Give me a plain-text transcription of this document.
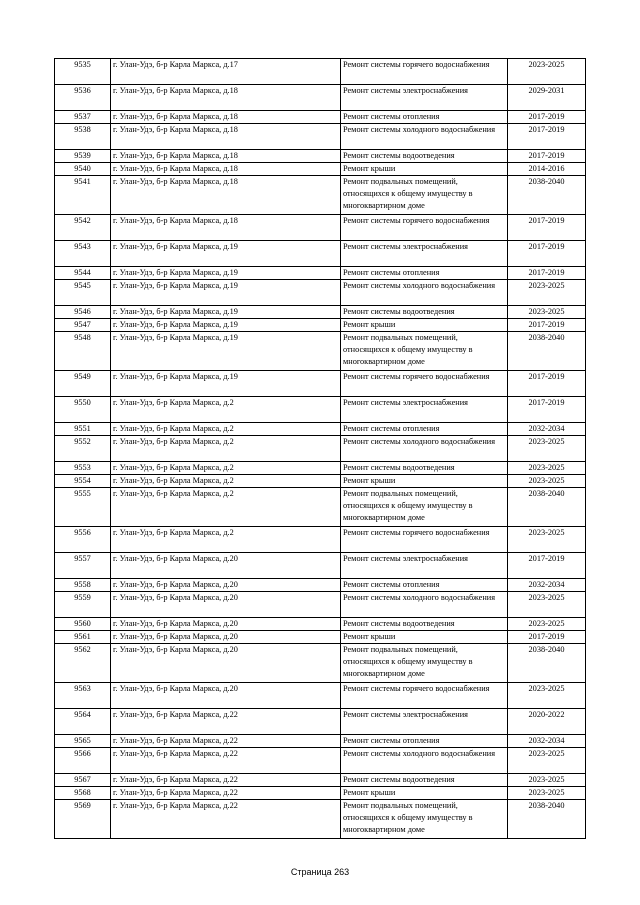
9535	г. Улан-Удэ, б-р Карла Маркса, д.17	Ремонт системы горячего водоснабжения	2023-2025
9536	г. Улан-Удэ, б-р Карла Маркса, д.18	Ремонт системы электроснабжения	2029-2031
9537	г. Улан-Удэ, б-р Карла Маркса, д.18	Ремонт системы отопления	2017-2019
9538	г. Улан-Удэ, б-р Карла Маркса, д.18	Ремонт системы холодного водоснабжения	2017-2019
9539	г. Улан-Удэ, б-р Карла Маркса, д.18	Ремонт системы водоотведения	2017-2019
9540	г. Улан-Удэ, б-р Карла Маркса, д.18	Ремонт крыши	2014-2016
9541	г. Улан-Удэ, б-р Карла Маркса, д.18	Ремонт подвальных помещений, относящихся к общему имуществу в многоквартирном доме	2038-2040
9542	г. Улан-Удэ, б-р Карла Маркса, д.18	Ремонт системы горячего водоснабжения	2017-2019
9543	г. Улан-Удэ, б-р Карла Маркса, д.19	Ремонт системы электроснабжения	2017-2019
9544	г. Улан-Удэ, б-р Карла Маркса, д.19	Ремонт системы отопления	2017-2019
9545	г. Улан-Удэ, б-р Карла Маркса, д.19	Ремонт системы холодного водоснабжения	2023-2025
9546	г. Улан-Удэ, б-р Карла Маркса, д.19	Ремонт системы водоотведения	2023-2025
9547	г. Улан-Удэ, б-р Карла Маркса, д.19	Ремонт крыши	2017-2019
9548	г. Улан-Удэ, б-р Карла Маркса, д.19	Ремонт подвальных помещений, относящихся к общему имуществу в многоквартирном доме	2038-2040
9549	г. Улан-Удэ, б-р Карла Маркса, д.19	Ремонт системы горячего водоснабжения	2017-2019
9550	г. Улан-Удэ, б-р Карла Маркса, д.2	Ремонт системы электроснабжения	2017-2019
9551	г. Улан-Удэ, б-р Карла Маркса, д.2	Ремонт системы отопления	2032-2034
9552	г. Улан-Удэ, б-р Карла Маркса, д.2	Ремонт системы холодного водоснабжения	2023-2025
9553	г. Улан-Удэ, б-р Карла Маркса, д.2	Ремонт системы водоотведения	2023-2025
9554	г. Улан-Удэ, б-р Карла Маркса, д.2	Ремонт крыши	2023-2025
9555	г. Улан-Удэ, б-р Карла Маркса, д.2	Ремонт подвальных помещений, относящихся к общему имуществу в многоквартирном доме	2038-2040
9556	г. Улан-Удэ, б-р Карла Маркса, д.2	Ремонт системы горячего водоснабжения	2023-2025
9557	г. Улан-Удэ, б-р Карла Маркса, д.20	Ремонт системы электроснабжения	2017-2019
9558	г. Улан-Удэ, б-р Карла Маркса, д.20	Ремонт системы отопления	2032-2034
9559	г. Улан-Удэ, б-р Карла Маркса, д.20	Ремонт системы холодного водоснабжения	2023-2025
9560	г. Улан-Удэ, б-р Карла Маркса, д.20	Ремонт системы водоотведения	2023-2025
9561	г. Улан-Удэ, б-р Карла Маркса, д.20	Ремонт крыши	2017-2019
9562	г. Улан-Удэ, б-р Карла Маркса, д.20	Ремонт подвальных помещений, относящихся к общему имуществу в многоквартирном доме	2038-2040
9563	г. Улан-Удэ, б-р Карла Маркса, д.20	Ремонт системы горячего водоснабжения	2023-2025
9564	г. Улан-Удэ, б-р Карла Маркса, д.22	Ремонт системы электроснабжения	2020-2022
9565	г. Улан-Удэ, б-р Карла Маркса, д.22	Ремонт системы отопления	2032-2034
9566	г. Улан-Удэ, б-р Карла Маркса, д.22	Ремонт системы холодного водоснабжения	2023-2025
9567	г. Улан-Удэ, б-р Карла Маркса, д.22	Ремонт системы водоотведения	2023-2025
9568	г. Улан-Удэ, б-р Карла Маркса, д.22	Ремонт крыши	2023-2025
9569	г. Улан-Удэ, б-р Карла Маркса, д.22	Ремонт подвальных помещений, относящихся к общему имуществу в многоквартирном доме	2038-2040
Страница 263
